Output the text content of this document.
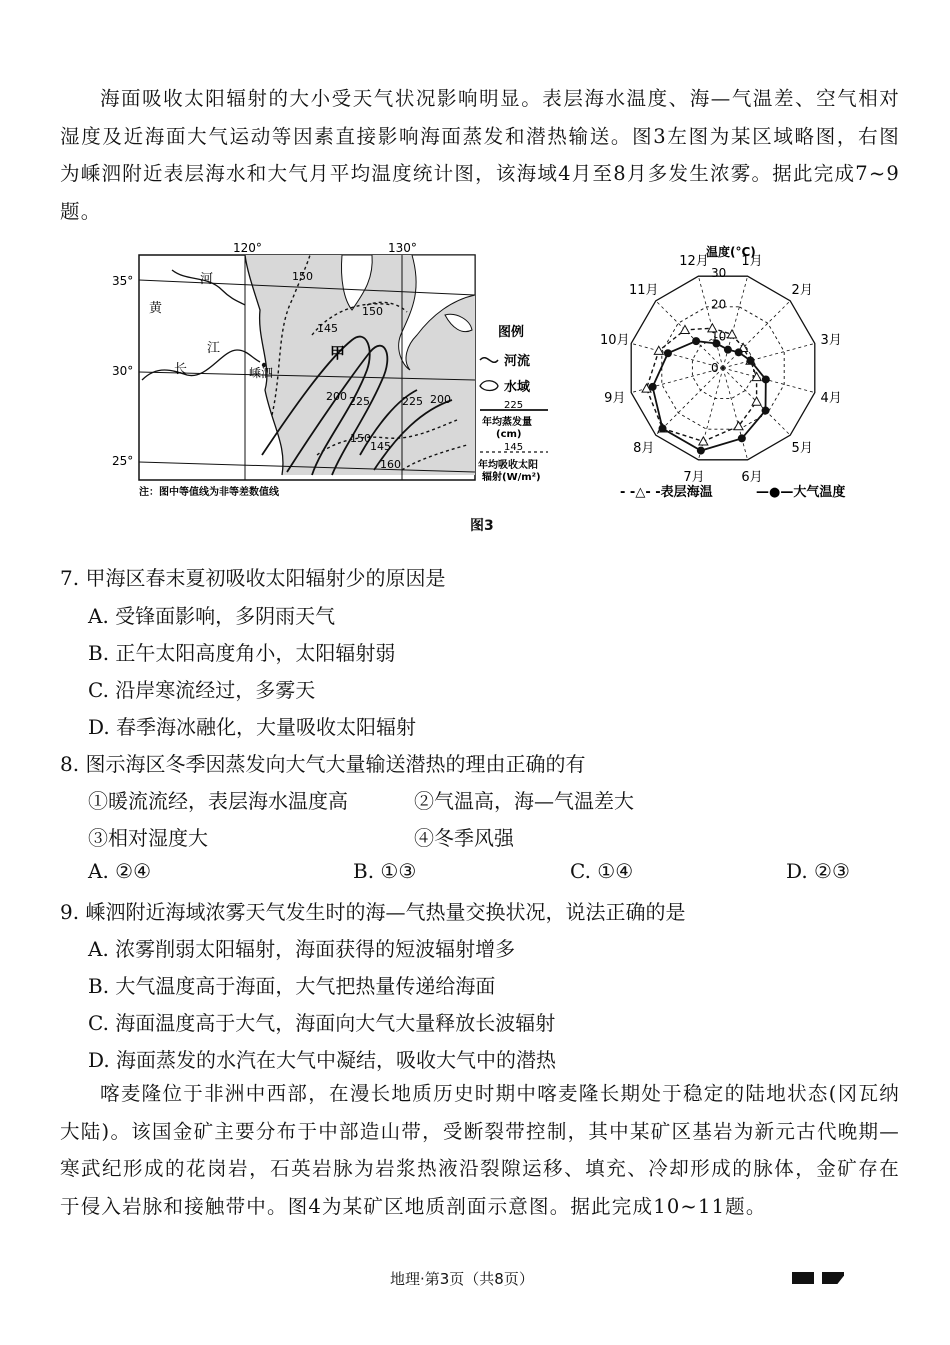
海面吸收太阳辐射的大小受天气状况影响明显。表层海水温度、海—气温差、空气相对湿度及近海面大气运动等因素直接影响海面蒸发和潜热输送。图3左图为某区域略图，右图为嵊泗附近表层海水和大气月平均温度统计图，该海域4月至8月多发生浓雾。据此完成7~9题。

120°	130°
35°
30°
25°
黄
河
长
江
嵊泗
甲
150
145
150
200 225	225 200
150
145
160
注：图中等值线为非等差数值线
图例
河流
水域
225
年均蒸发量
(cm)
145
年均吸收太阳
辐射(W/m²)
温度(°C)
0
10
20
30
1月
2月
3月
4月
5月
6月
7月
8月
9月
10月
11月
12月
- -△- -表层海温	—●—大气温度
图3
7. 甲海区春末夏初吸收太阳辐射少的原因是
A. 受锋面影响，多阴雨天气
B. 正午太阳高度角小，太阳辐射弱
C. 沿岸寒流经过，多雾天
D. 春季海冰融化，大量吸收太阳辐射
8. 图示海区冬季因蒸发向大气大量输送潜热的理由正确的有
①暖流流经，表层海水温度高	②气温高，海—气温差大
③相对湿度大	④冬季风强
A. ②④	B. ①③	C. ①④	D. ②③
9. 嵊泗附近海域浓雾天气发生时的海—气热量交换状况，说法正确的是
A. 浓雾削弱太阳辐射，海面获得的短波辐射增多
B. 大气温度高于海面，大气把热量传递给海面
C. 海面温度高于大气，海面向大气大量释放长波辐射
D. 海面蒸发的水汽在大气中凝结，吸收大气中的潜热

喀麦隆位于非洲中西部，在漫长地质历史时期中喀麦隆长期处于稳定的陆地状态(冈瓦纳大陆)。该国金矿主要分布于中部造山带，受断裂带控制，其中某矿区基岩为新元古代晚期—寒武纪形成的花岗岩，石英岩脉为岩浆热液沿裂隙运移、填充、冷却形成的脉体，金矿存在于侵入岩脉和接触带中。图4为某矿区地质剖面示意图。据此完成10~11题。

地理·第3页（共8页）
